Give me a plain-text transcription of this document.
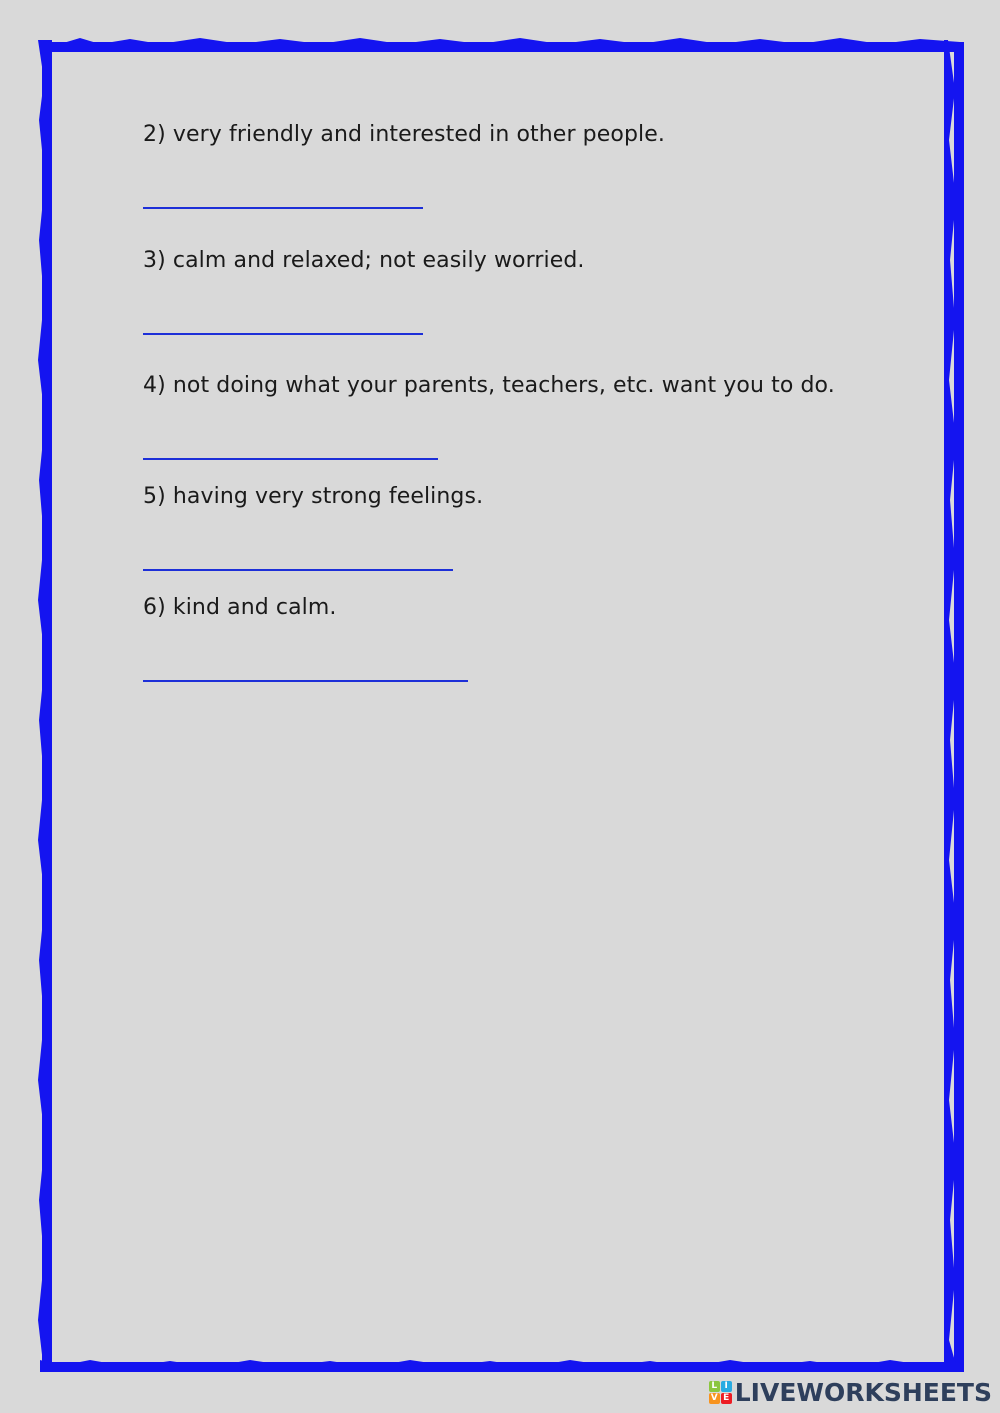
2) very friendly and interested in other people.
3) calm and relaxed; not easily worried.
4) not doing what your parents, teachers, etc. want you to do.
5) having very strong feelings.
6) kind and calm.
L I
V E LIVEWORKSHEETS
